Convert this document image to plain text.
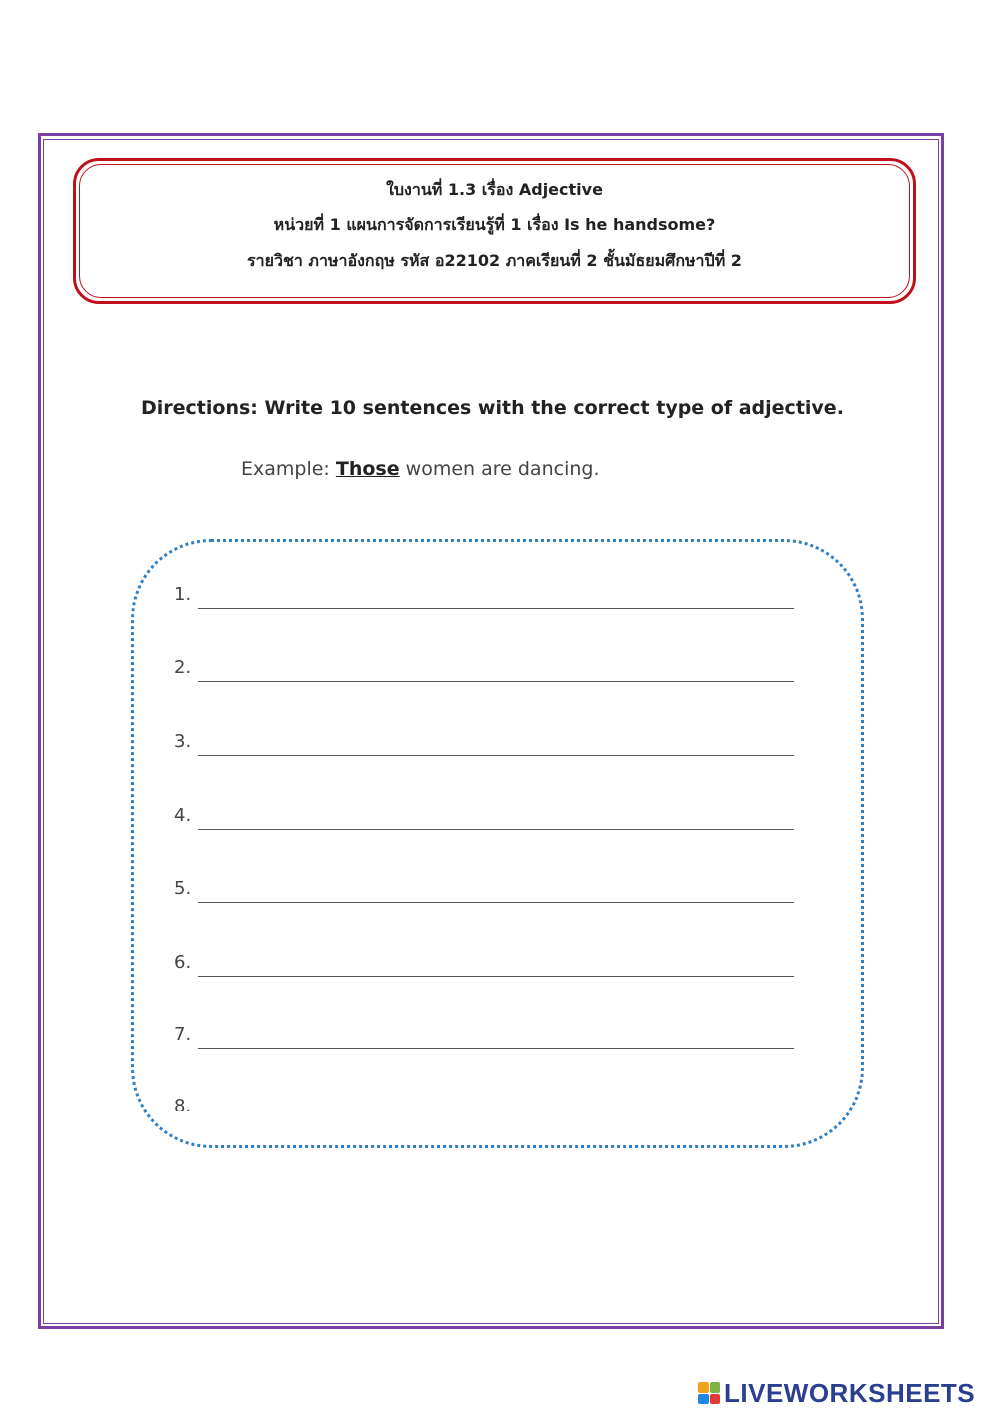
ใบงานที่ 1.3 เรื่อง Adjective
หน่วยที่ 1 แผนการจัดการเรียนรู้ที่ 1 เรื่อง Is he handsome?
รายวิชา ภาษาอังกฤษ รหัส อ22102 ภาคเรียนที่ 2 ชั้นมัธยมศึกษาปีที่ 2
Directions: Write 10 sentences with the correct type of adjective.
Example: Those women are dancing.
1.
2.
3.
4.
5.
6.
7.
8.
LIVEWORKSHEETS
